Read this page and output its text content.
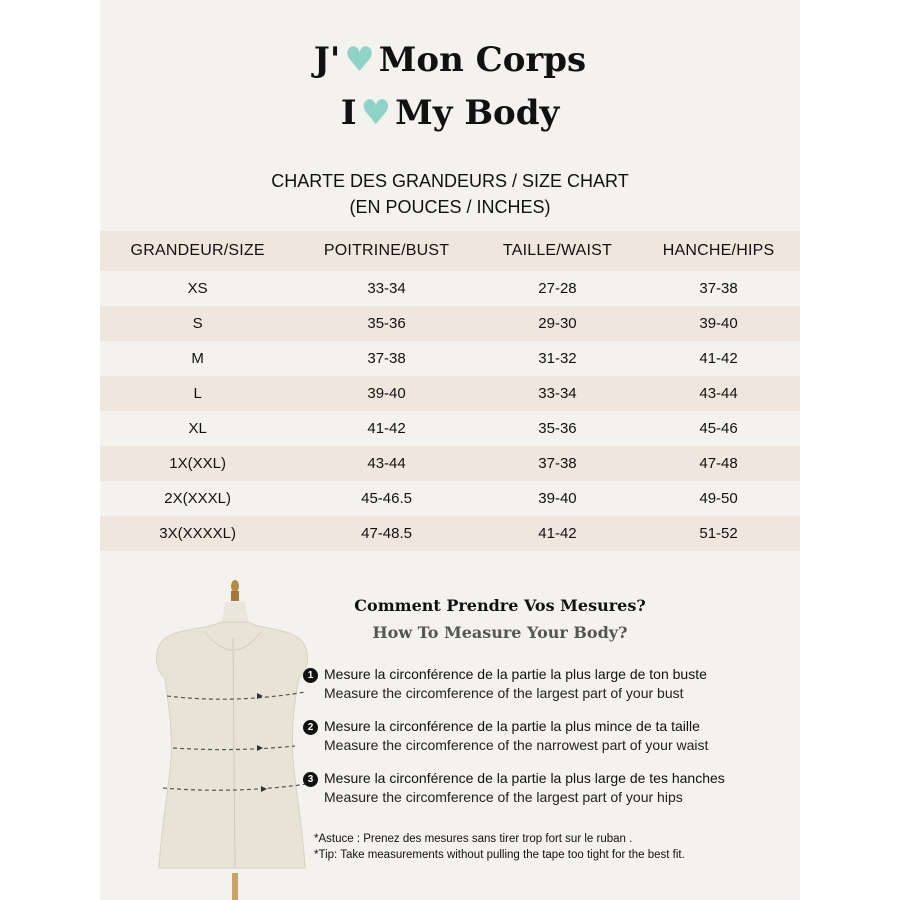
J' ♥ Mon Corps
I ♥ My Body
CHARTE DES GRANDEURS / SIZE CHART
(EN POUCES / INCHES)
GRANDEUR/SIZE	POITRINE/BUST	TAILLE/WAIST	HANCHE/HIPS
XS	33-34	27-28	37-38
S	35-36	29-30	39-40
M	37-38	31-32	41-42
L	39-40	33-34	43-44
XL	41-42	35-36	45-46
1X(XXL)	43-44	37-38	47-48
2X(XXXL)	45-46.5	39-40	49-50
3X(XXXXL)	47-48.5	41-42	51-52
Comment Prendre Vos Mesures?
How To Measure Your Body?
1 Mesure la circonférence de la partie la plus large de ton buste
Measure the circomference of the largest part of your bust
2 Mesure la circonférence de la partie la plus mince de ta taille
Measure the circomference of the narrowest part of your waist
3 Mesure la circonférence de la partie la plus large de tes hanches
Measure the circomference of the largest part of your hips
*Astuce : Prenez des mesures sans tirer trop fort sur le ruban .
*Tip: Take measurements without pulling the tape too tight for the best fit.
